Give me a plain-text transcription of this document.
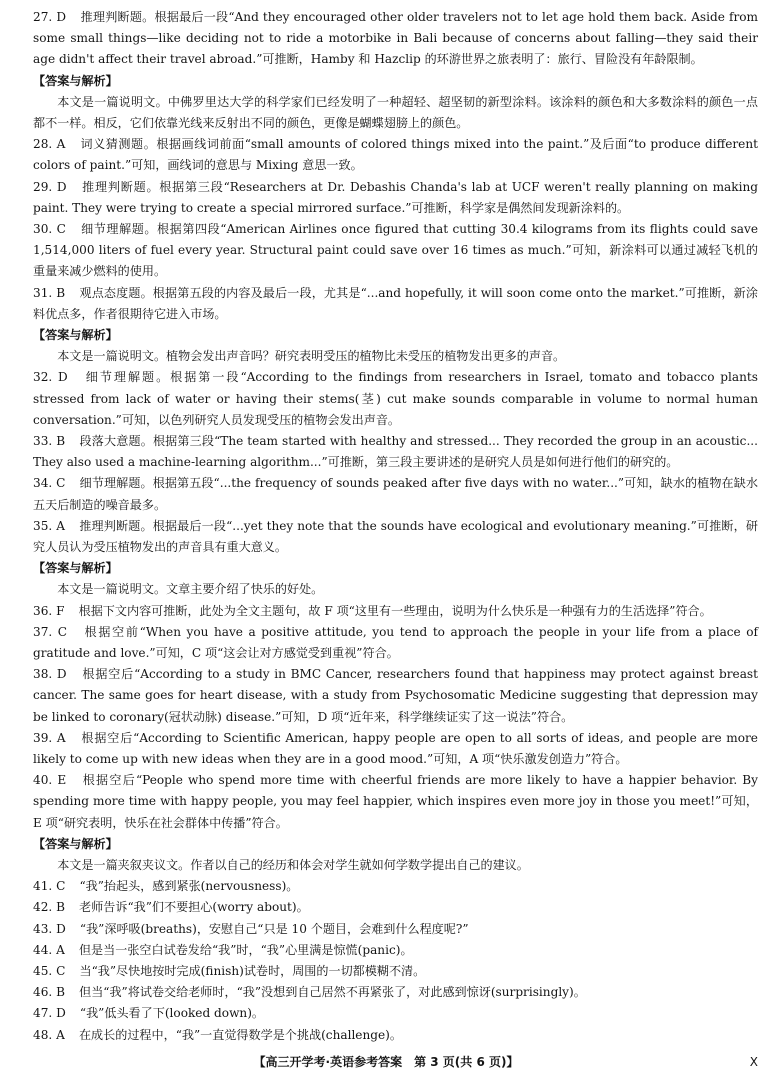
27. D　 推理判断题。根据最后一段“And they encouraged other older travelers not to let age hold them back. Aside from some small things—like deciding not to ride a motorbike in Bali because of concerns about falling—they said their age didn't affect their travel abroad.”可推断，Hamby 和 Hazclip 的环游世界之旅表明了：旅行、冒险没有年龄限制。
【答案与解析】
本文是一篇说明文。中佛罗里达大学的科学家们已经发明了一种超轻、超坚韧的新型涂料。该涂料的颜色和大多数涂料的颜色一点都不一样。相反，它们依靠光线来反射出不同的颜色，更像是蝴蝶翅膀上的颜色。
28. A　 词义猜测题。根据画线词前面“small amounts of colored things mixed into the paint.”及后面“to produce different colors of paint.”可知，画线词的意思与 Mixing 意思一致。
29. D　 推理判断题。根据第三段“Researchers at Dr. Debashis Chanda's lab at UCF weren't really planning on making paint. They were trying to create a special mirrored surface.”可推断，科学家是偶然间发现新涂料的。
30. C　 细节理解题。根据第四段“American Airlines once figured that cutting 30.4 kilograms from its flights could save 1,514,000 liters of fuel every year. Structural paint could save over 16 times as much.”可知，新涂料可以通过减轻飞机的重量来减少燃料的使用。
31. B　 观点态度题。根据第五段的内容及最后一段，尤其是“...and hopefully, it will soon come onto the market.”可推断，新涂料优点多，作者很期待它进入市场。
【答案与解析】
本文是一篇说明文。植物会发出声音吗？研究表明受压的植物比未受压的植物发出更多的声音。
32. D　 细节理解题。根据第一段“According to the findings from researchers in Israel, tomato and tobacco plants stressed from lack of water or having their stems(茎) cut make sounds comparable in volume to normal human conversation.”可知，以色列研究人员发现受压的植物会发出声音。
33. B　 段落大意题。根据第三段“The team started with healthy and stressed... They recorded the group in an acoustic... They also used a machine-learning algorithm...”可推断，第三段主要讲述的是研究人员是如何进行他们的研究的。
34. C　 细节理解题。根据第五段“...the frequency of sounds peaked after five days with no water...”可知，缺水的植物在缺水五天后制造的噪音最多。
35. A　 推理判断题。根据最后一段“...yet they note that the sounds have ecological and evolutionary meaning.”可推断，研究人员认为受压植物发出的声音具有重大意义。
【答案与解析】
本文是一篇说明文。文章主要介绍了快乐的好处。
36. F　 根据下文内容可推断，此处为全文主题句，故 F 项“这里有一些理由，说明为什么快乐是一种强有力的生活选择”符合。
37. C　 根据空前“When you have a positive attitude, you tend to approach the people in your life from a place of gratitude and love.”可知，C 项“这会让对方感觉受到重视”符合。
38. D　 根据空后“According to a study in BMC Cancer, researchers found that happiness may protect against breast cancer. The same goes for heart disease, with a study from Psychosomatic Medicine suggesting that depression may be linked to coronary(冠状动脉) disease.”可知，D 项“近年来，科学继续证实了这一说法”符合。
39. A　 根据空后“According to Scientific American, happy people are open to all sorts of ideas, and people are more likely to come up with new ideas when they are in a good mood.”可知，A 项“快乐激发创造力”符合。
40. E　 根据空后“People who spend more time with cheerful friends are more likely to have a happier behavior. By spending more time with happy people, you may feel happier, which inspires even more joy in those you meet!”可知，E 项“研究表明，快乐在社会群体中传播”符合。
【答案与解析】
本文是一篇夹叙夹议文。作者以自己的经历和体会对学生就如何学数学提出自己的建议。
41. C　 “我”抬起头，感到紧张(nervousness)。
42. B　 老师告诉“我”们不要担心(worry about)。
43. D　 “我”深呼吸(breaths)，安慰自己“只是 10 个题目，会难到什么程度呢?”
44. A　 但是当一张空白试卷发给“我”时，“我”心里满是惊慌(panic)。
45. C　 当“我”尽快地按时完成(finish)试卷时，周围的一切都模糊不清。
46. B　 但当“我”将试卷交给老师时，“我”没想到自己居然不再紧张了，对此感到惊讶(surprisingly)。
47. D　 “我”低头看了下(looked down)。
48. A　 在成长的过程中，“我”一直觉得数学是个挑战(challenge)。
【高三开学考·英语参考答案　第 3 页(共 6 页)】	X
